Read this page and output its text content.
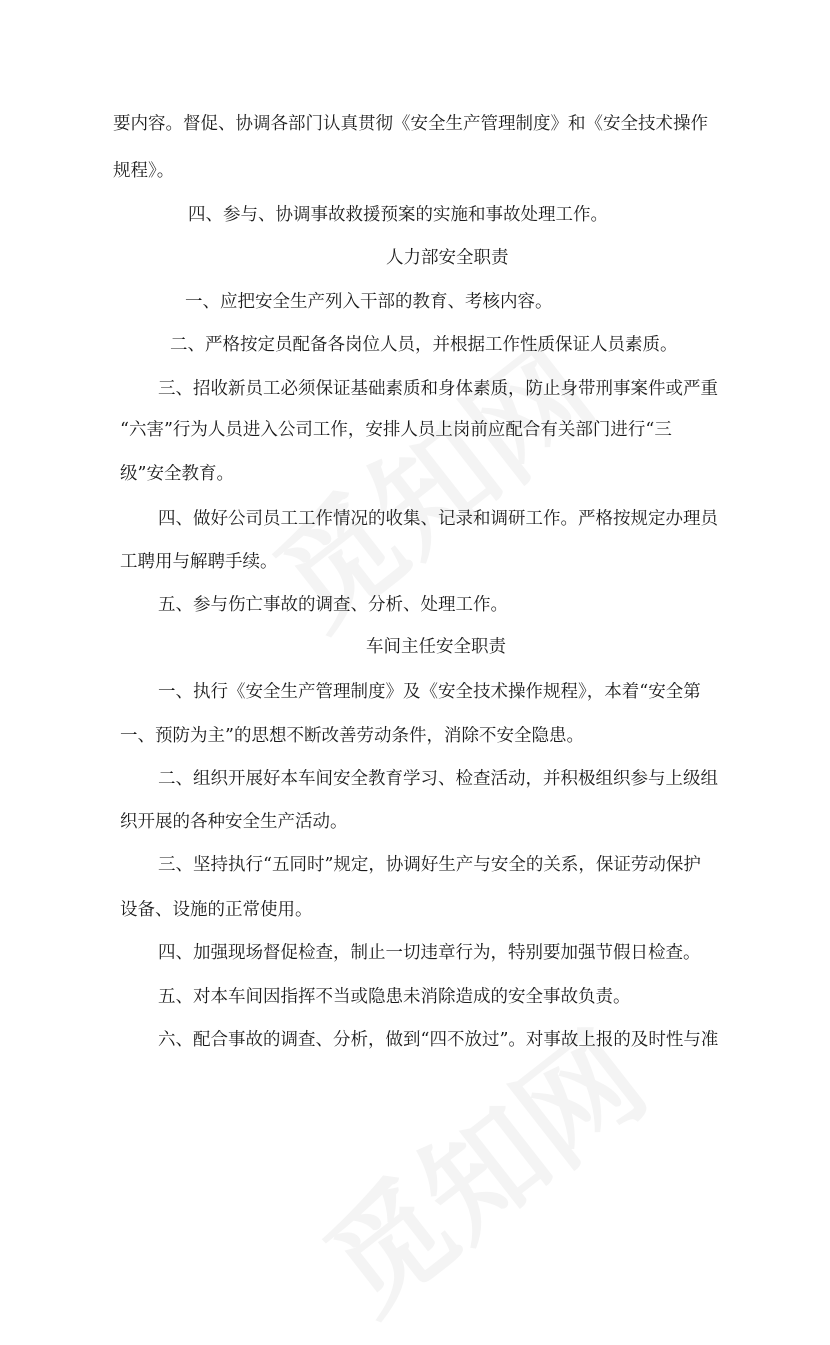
要内容。督促、协调各部门认真贯彻《安全生产管理制度》和《安全技术操作
规程》。
四、参与、协调事故救援预案的实施和事故处理工作。
人力部安全职责
一、应把安全生产列入干部的教育、考核内容。
二、严格按定员配备各岗位人员，并根据工作性质保证人员素质。
三、招收新员工必须保证基础素质和身体素质，防止身带刑事案件或严重
“六害”行为人员进入公司工作，安排人员上岗前应配合有关部门进行“三
级”安全教育。
四、做好公司员工工作情况的收集、记录和调研工作。严格按规定办理员
工聘用与解聘手续。
五、参与伤亡事故的调查、分析、处理工作。
车间主任安全职责
一、执行《安全生产管理制度》及《安全技术操作规程》，本着“安全第
一、预防为主”的思想不断改善劳动条件，消除不安全隐患。
二、组织开展好本车间安全教育学习、检查活动，并积极组织参与上级组
织开展的各种安全生产活动。
三、坚持执行“五同时”规定，协调好生产与安全的关系，保证劳动保护
设备、设施的正常使用。
四、加强现场督促检查，制止一切违章行为，特别要加强节假日检查。
五、对本车间因指挥不当或隐患未消除造成的安全事故负责。
六、配合事故的调查、分析，做到“四不放过”。对事故上报的及时性与准
